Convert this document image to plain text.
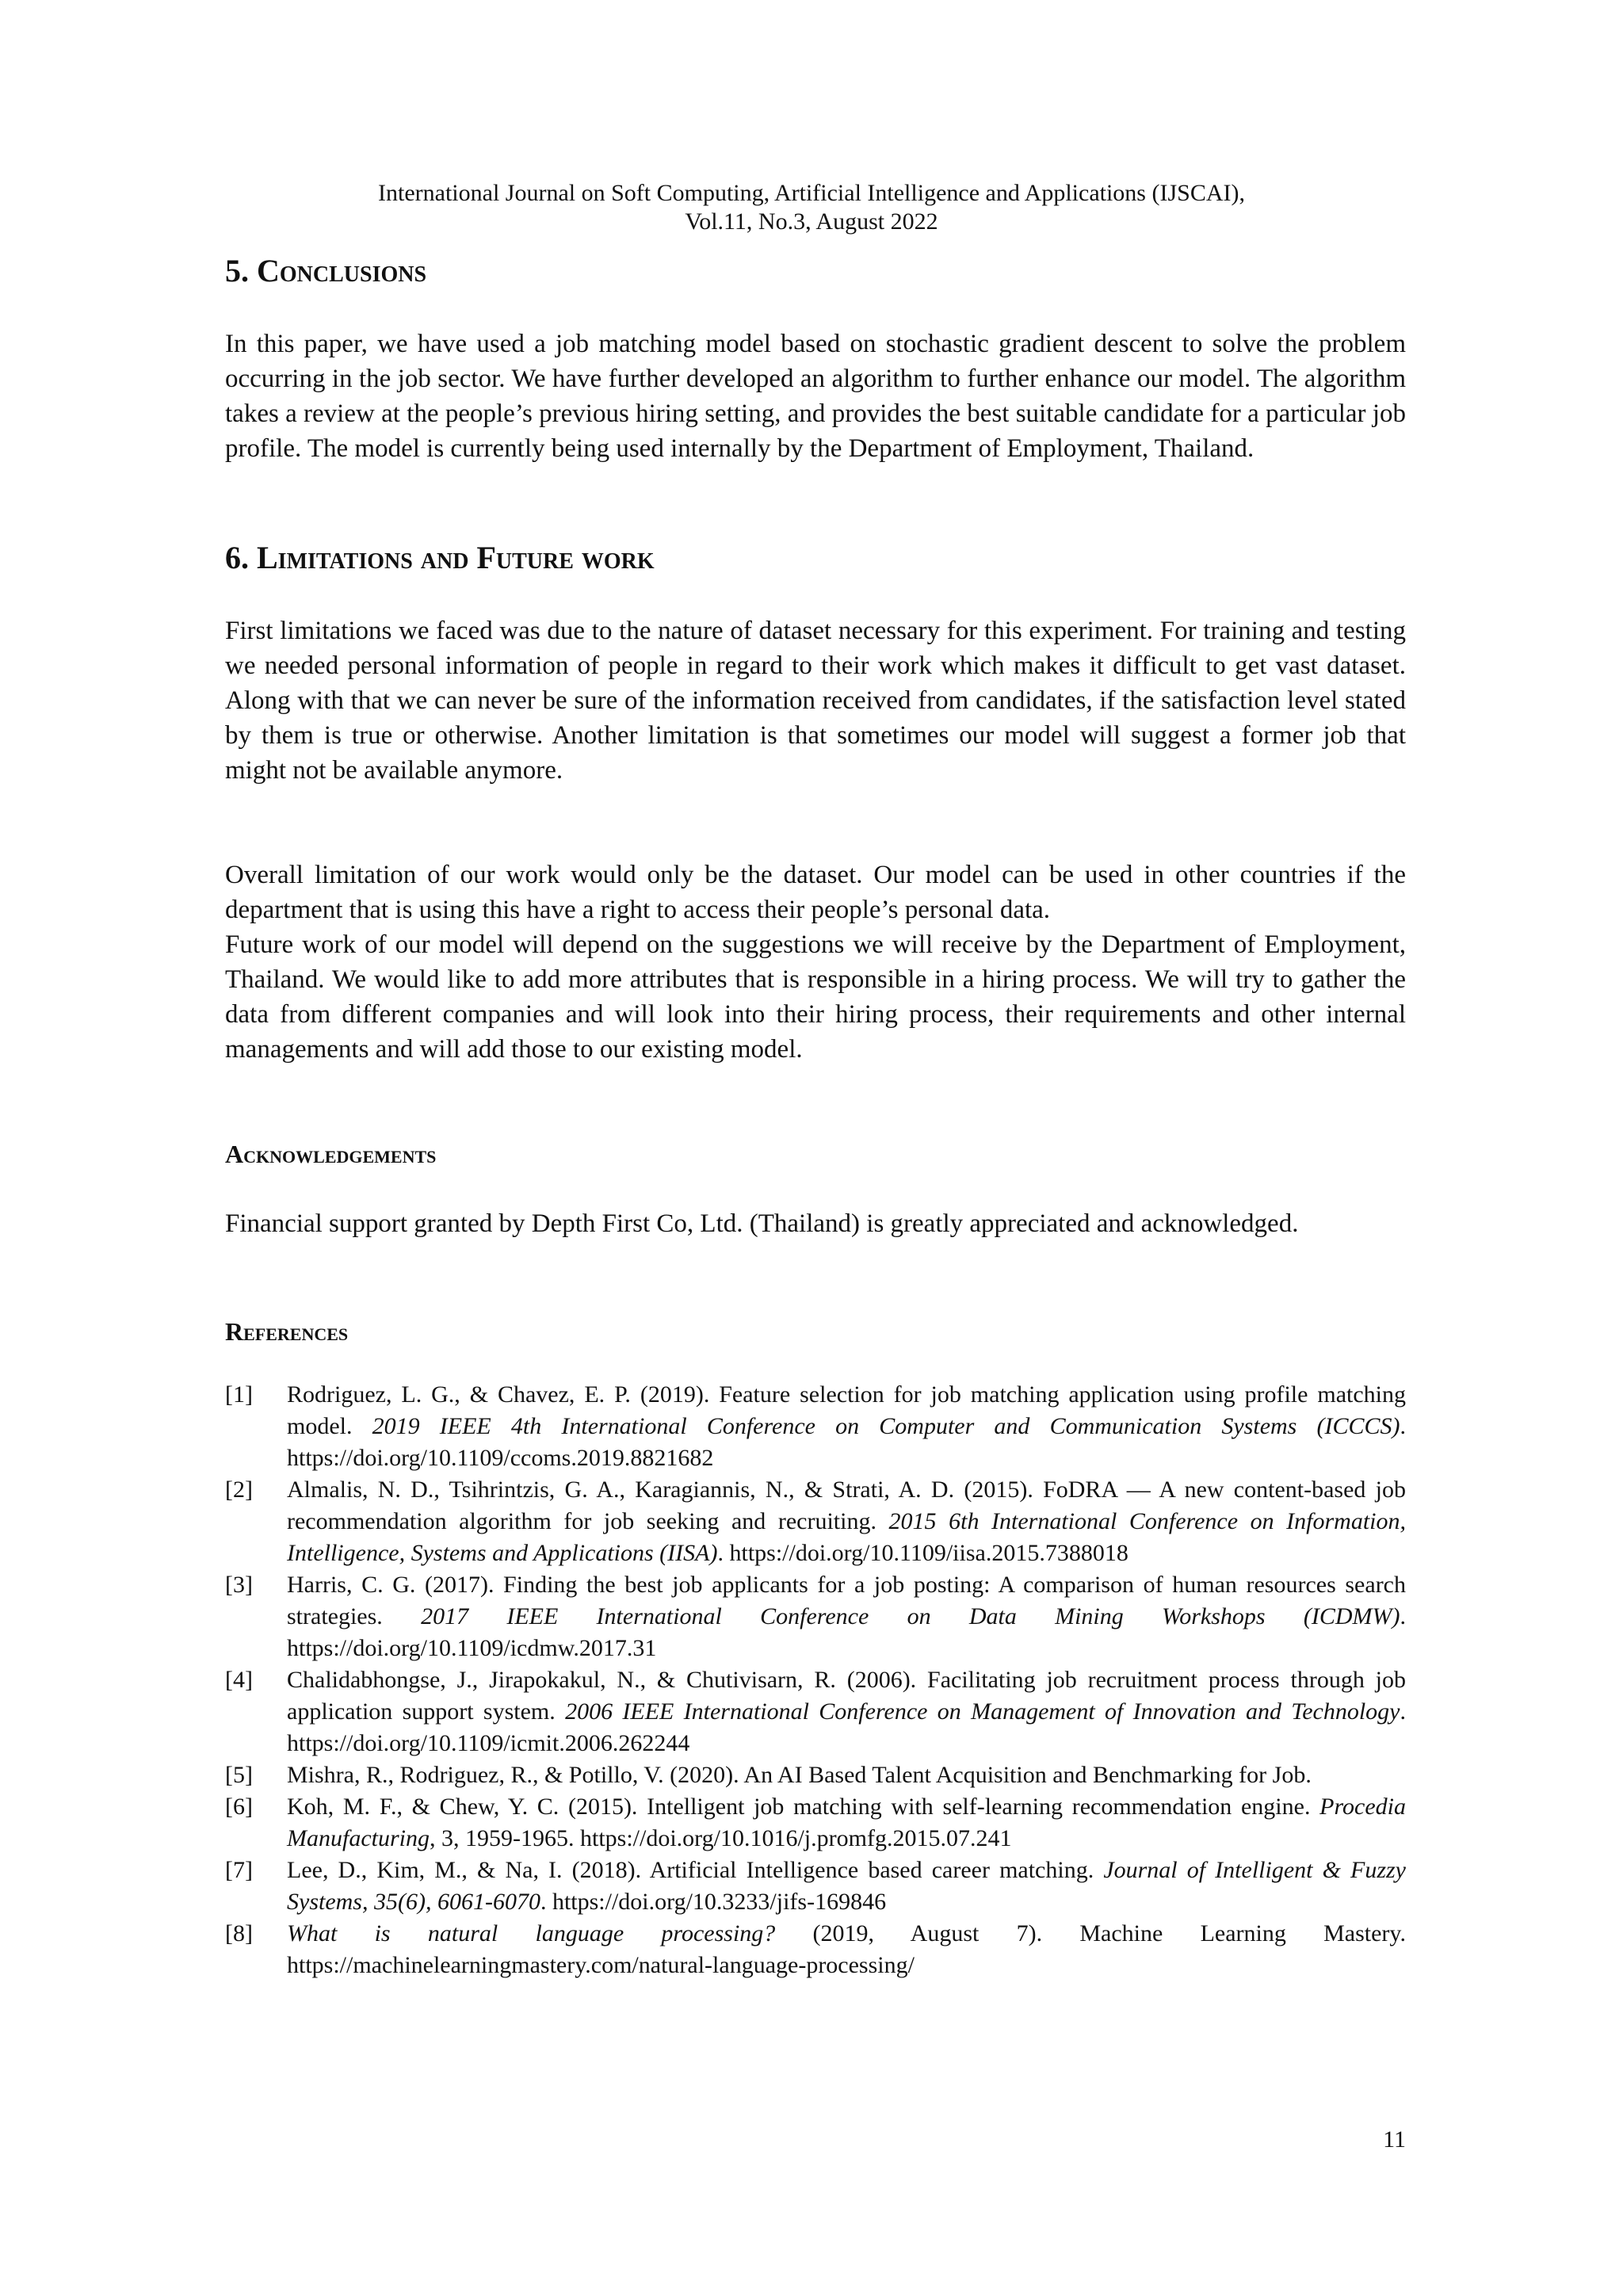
International Journal on Soft Computing, Artificial Intelligence and Applications (IJSCAI),
Vol.11, No.3, August 2022
5. Conclusions

In this paper, we have used a job matching model based on stochastic gradient descent to solve the problem occurring in the job sector. We have further developed an algorithm to further enhance our model. The algorithm takes a review at the people’s previous hiring setting, and provides the best suitable candidate for a particular job profile. The model is currently being used internally by the Department of Employment, Thailand.

6. Limitations and Future work

First limitations we faced was due to the nature of dataset necessary for this experiment. For training and testing we needed personal information of people in regard to their work which makes it difficult to get vast dataset. Along with that we can never be sure of the information received from candidates, if the satisfaction level stated by them is true or otherwise. Another limitation is that sometimes our model will suggest a former job that might not be available anymore.

Overall limitation of our work would only be the dataset. Our model can be used in other countries if the department that is using this have a right to access their people’s personal data.

Future work of our model will depend on the suggestions we will receive by the Department of Employment, Thailand. We would like to add more attributes that is responsible in a hiring process. We will try to gather the data from different companies and will look into their hiring process, their requirements and other internal managements and will add those to our existing model.

Acknowledgements

Financial support granted by Depth First Co, Ltd. (Thailand) is greatly appreciated and acknowledged.

References
[1]	Rodriguez, L. G., & Chavez, E. P. (2019). Feature selection for job matching application using profile matching model. 2019 IEEE 4th International Conference on Computer and Communication Systems (ICCCS). https://doi.org/10.1109/ccoms.2019.8821682
[2]	Almalis, N. D., Tsihrintzis, G. A., Karagiannis, N., & Strati, A. D. (2015). FoDRA — A new content-based job recommendation algorithm for job seeking and recruiting. 2015 6th International Conference on Information, Intelligence, Systems and Applications (IISA). https://doi.org/10.1109/iisa.2015.7388018
[3]	Harris, C. G. (2017). Finding the best job applicants for a job posting: A comparison of human resources search strategies. 2017 IEEE International Conference on Data Mining Workshops (ICDMW). https://doi.org/10.1109/icdmw.2017.31
[4]	Chalidabhongse, J., Jirapokakul, N., & Chutivisarn, R. (2006). Facilitating job recruitment process through job application support system. 2006 IEEE International Conference on Management of Innovation and Technology. https://doi.org/10.1109/icmit.2006.262244
[5]	Mishra, R., Rodriguez, R., & Potillo, V. (2020). An AI Based Talent Acquisition and Benchmarking for Job.
[6]	Koh, M. F., & Chew, Y. C. (2015). Intelligent job matching with self-learning recommendation engine. Procedia Manufacturing, 3, 1959-1965. https://doi.org/10.1016/j.promfg.2015.07.241
[7]	Lee, D., Kim, M., & Na, I. (2018). Artificial Intelligence based career matching. Journal of Intelligent & Fuzzy Systems, 35(6), 6061-6070. https://doi.org/10.3233/jifs-169846
[8]	What is natural language processing? (2019, August 7). Machine Learning Mastery. https://machinelearningmastery.com/natural-language-processing/
11
